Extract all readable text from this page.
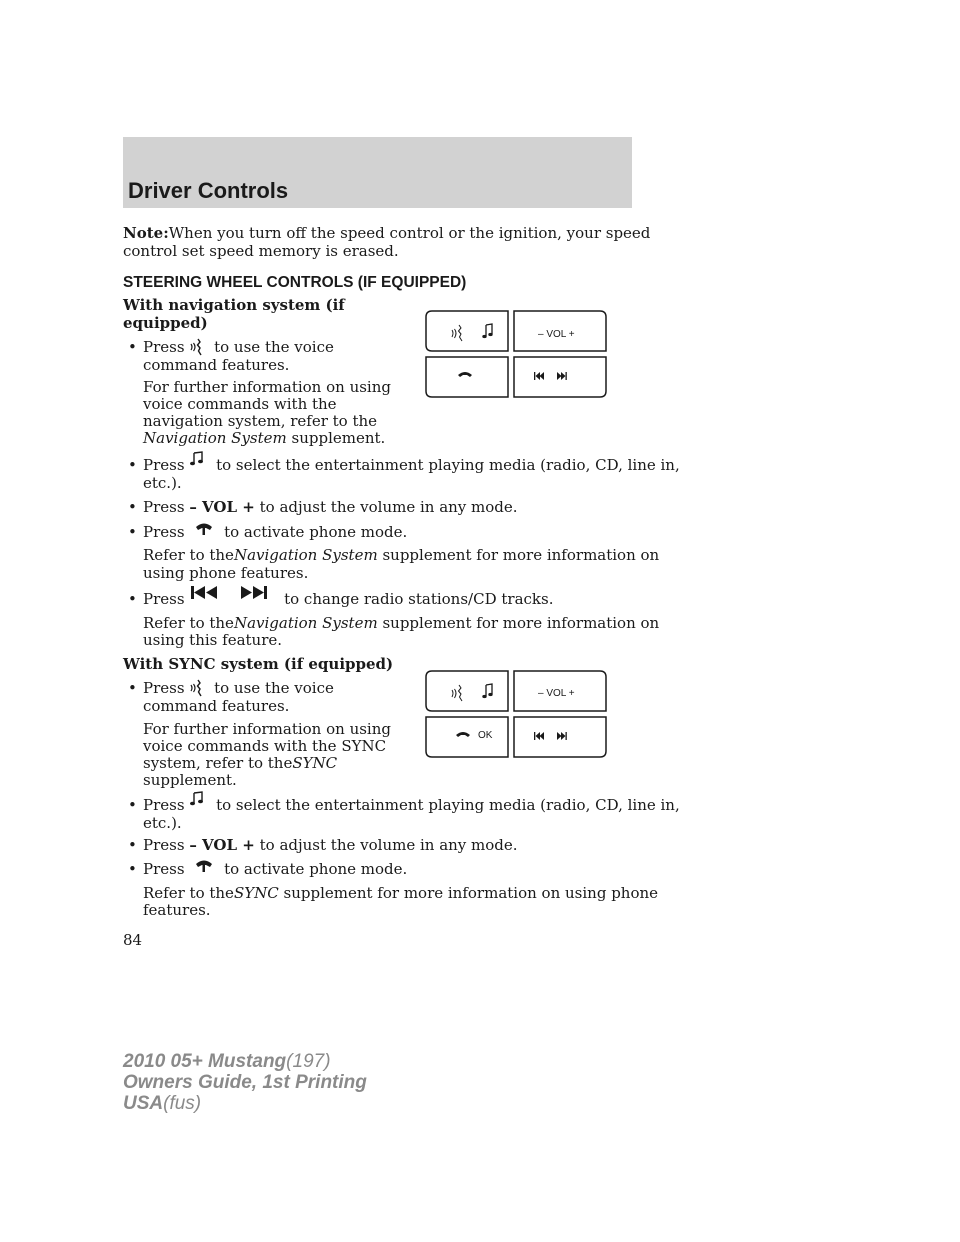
Driver Controls
Note:When you turn off the speed control or the ignition, your speed
control set speed memory is erased.
STEERING WHEEL CONTROLS (IF EQUIPPED)
With navigation system (if
equipped)
• Press to use the voice
command features.
For further information on using
voice commands with the
navigation system, refer to the
Navigation System supplement.
– VOL +
• Press to select the entertainment playing media (radio, CD, line in,
etc.).
• Press – VOL + to adjust the volume in any mode.
• Press	to activate phone mode.
Refer to theNavigation System supplement for more information on
using phone features.
• Press	to change radio stations/CD tracks.
Refer to theNavigation System supplement for more information on
using this feature.
With SYNC system (if equipped)
• Press to use the voice
command features.
For further information on using
voice commands with the SYNC
system, refer to theSYNC
supplement.
– VOL +
OK
• Press to select the entertainment playing media (radio, CD, line in,
etc.).
• Press – VOL + to adjust the volume in any mode.
• Press	to activate phone mode.
Refer to theSYNC supplement for more information on using phone
features.
84
2010 05+ Mustang(197)
Owners Guide, 1st Printing
USA(fus)
